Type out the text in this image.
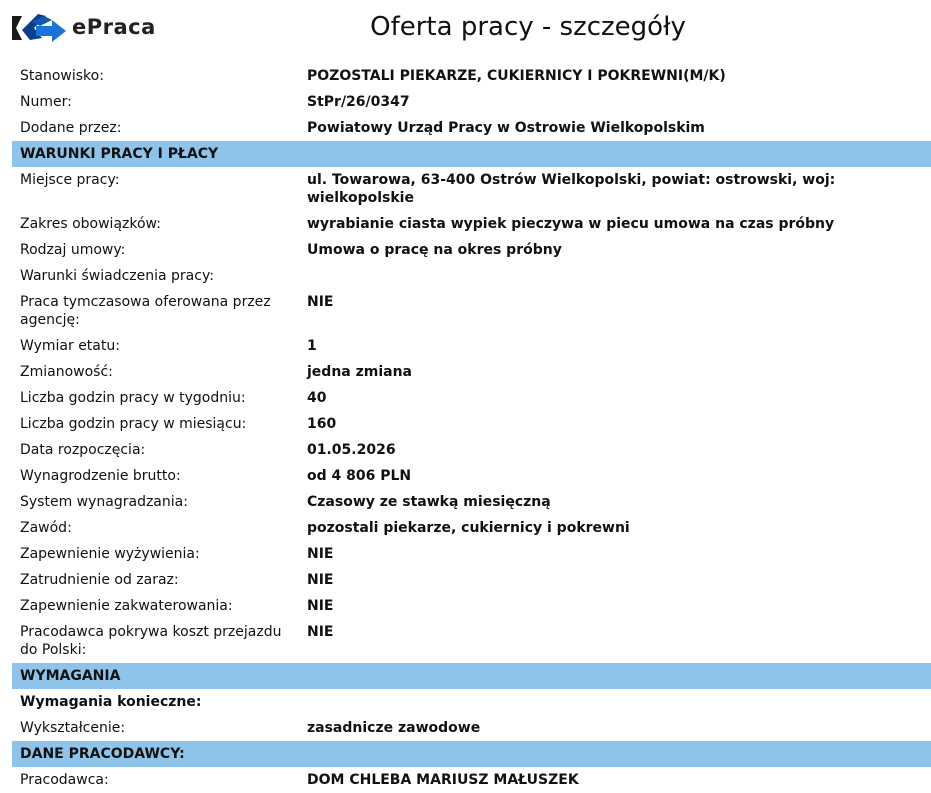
ePraca	Oferta pracy - szczegóły
Stanowisko:	POZOSTALI PIEKARZE, CUKIERNICY I POKREWNI(M/K)
Numer:	StPr/26/0347
Dodane przez:	Powiatowy Urząd Pracy w Ostrowie Wielkopolskim
WARUNKI PRACY I PŁACY	
Miejsce pracy:	ul. Towarowa, 63-400 Ostrów Wielkopolski, powiat: ostrowski, woj: wielkopolskie
Zakres obowiązków:	wyrabianie ciasta wypiek pieczywa w piecu umowa na czas próbny
Rodzaj umowy:	Umowa o pracę na okres próbny
Warunki świadczenia pracy:	
Praca tymczasowa oferowana przez agencję:	NIE
Wymiar etatu:	1
Zmianowość:	jedna zmiana
Liczba godzin pracy w tygodniu:	40
Liczba godzin pracy w miesiącu:	160
Data rozpoczęcia:	01.05.2026
Wynagrodzenie brutto:	od 4 806 PLN
System wynagradzania:	Czasowy ze stawką miesięczną
Zawód:	pozostali piekarze, cukiernicy i pokrewni
Zapewnienie wyżywienia:	NIE
Zatrudnienie od zaraz:	NIE
Zapewnienie zakwaterowania:	NIE
Pracodawca pokrywa koszt przejazdu do Polski:	NIE
WYMAGANIA	
Wymagania konieczne:	
Wykształcenie:	zasadnicze zawodowe
DANE PRACODAWCY:	
Pracodawca:	DOM CHLEBA MARIUSZ MAŁUSZEK
